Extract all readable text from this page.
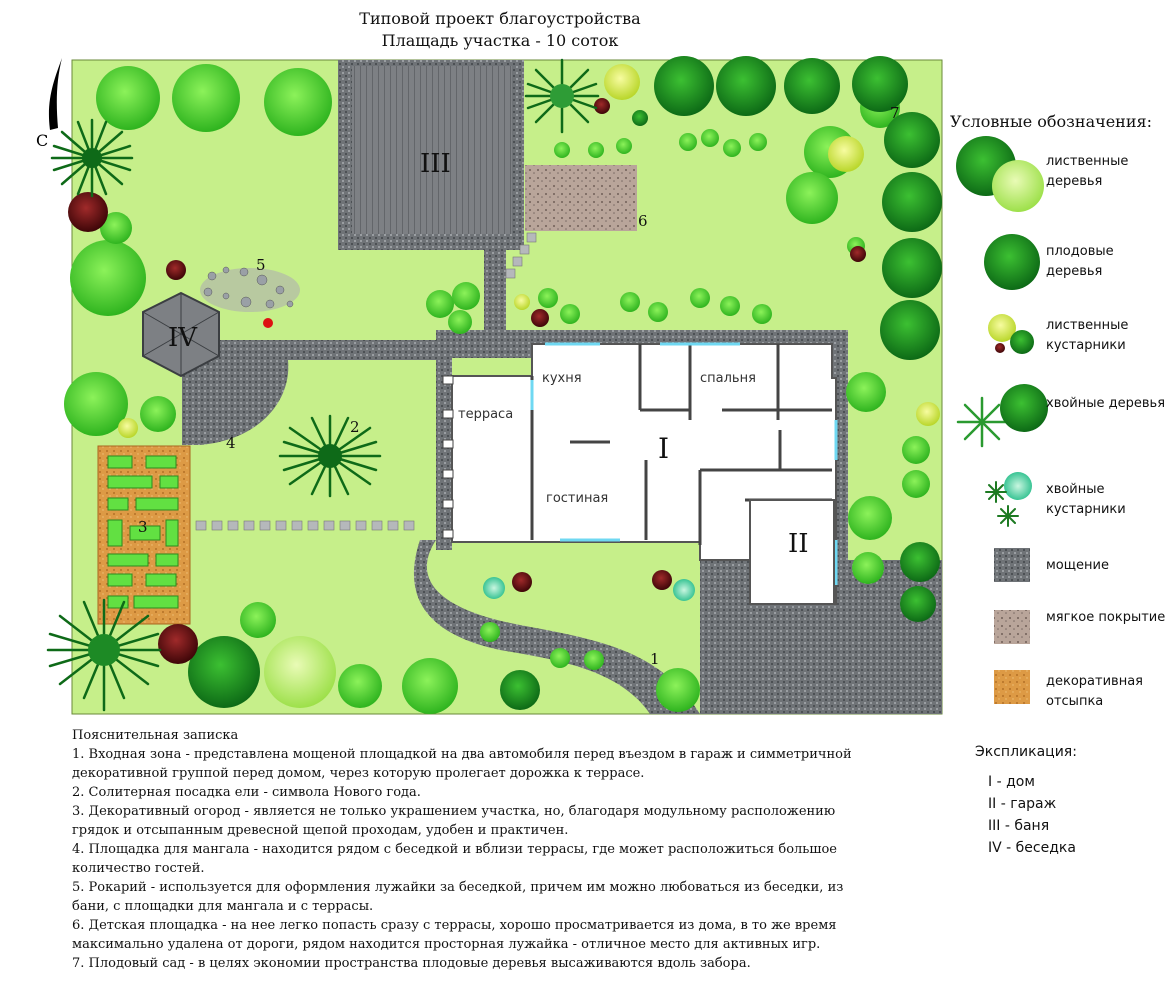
Типовой проект благоустройства
Плащадь участка - 10 соток
С
III
IV
I
II
кухня	спальня
терраса
гостиная
1
2
3
4
5
6
7	Условные обозначения:
лиственные деревья
плодовые деревья
лиственные кустарники
хвойные деревья
хвойные кустарники
мощение
мягкое покрытие
декоративная отсыпка
Экспликация:
I - дом
II - гараж
III - баня
IV - беседка

Пояснительная записка

1. Входная зона - представлена мощеной площадкой на два автомобиля перед въездом в гараж и симметричной декоративной группой перед домом, через которую пролегает дорожка к террасе.

2. Солитерная посадка ели - символа Нового года.

3. Декоративный огород - является не только украшением участка, но, благодаря модульному расположению грядок и отсыпанным древесной щепой проходам, удобен и практичен.

4. Площадка для мангала - находится рядом с беседкой и вблизи террасы, где может расположиться большое количество гостей.

5. Рокарий - используется для оформления лужайки за беседкой, причем им можно любоваться из беседки, из бани, с площадки для мангала и с террасы.

6. Детская площадка - на нее легко попасть сразу с террасы, хорошо просматривается из дома, в то же время максимально удалена от дороги, рядом находится просторная лужайка - отличное место для активных игр.

7. Плодовый сад - в целях экономии пространства плодовые деревья высаживаются вдоль забора.
